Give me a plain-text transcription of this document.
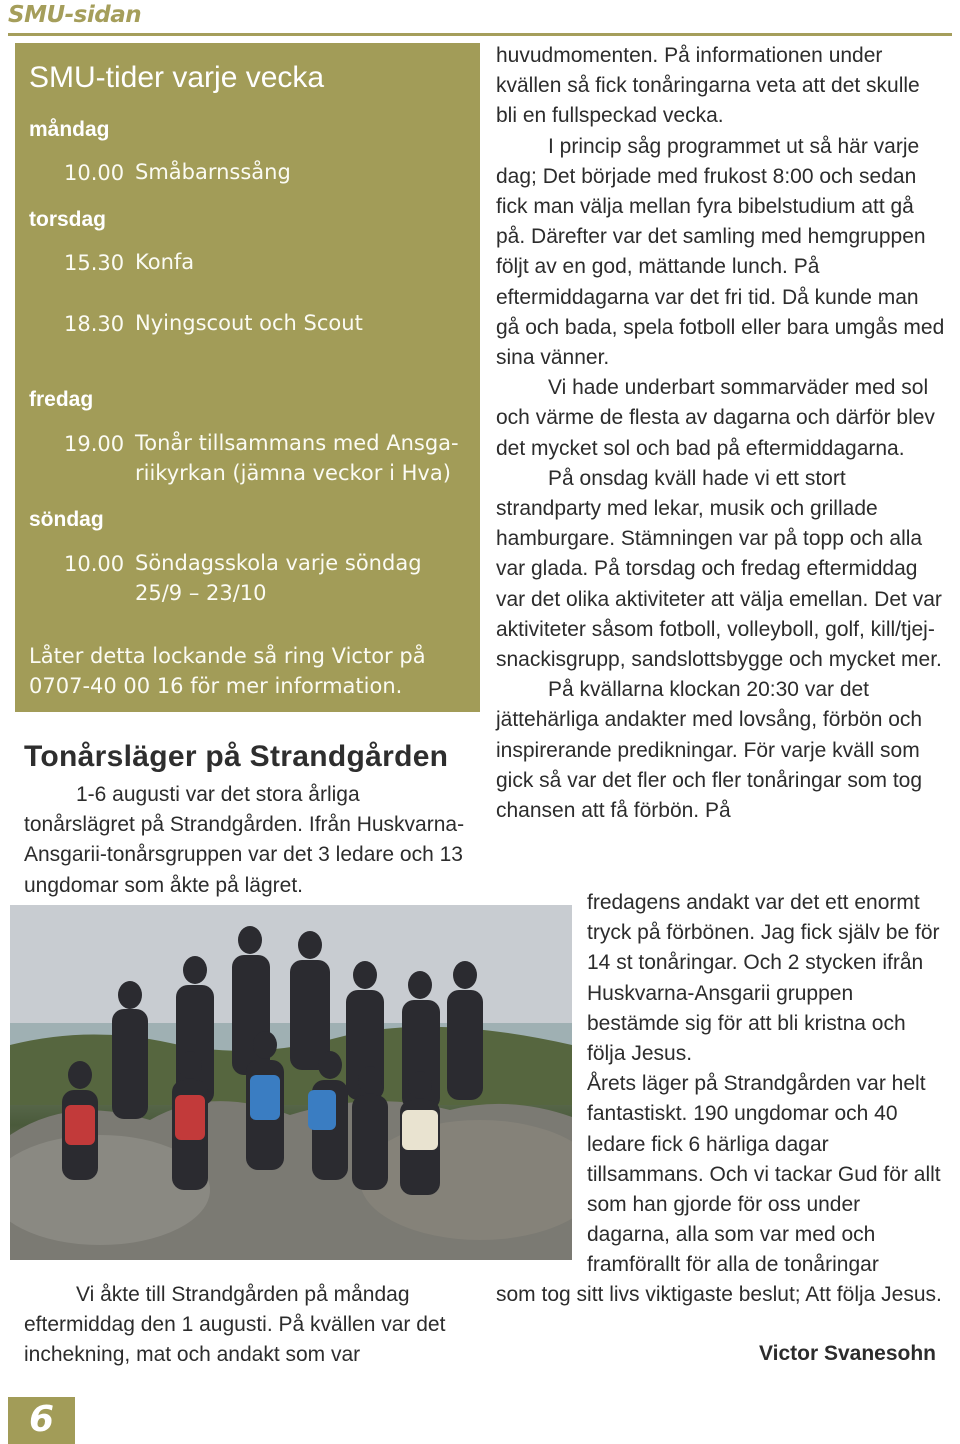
SMU-sidan
SMU-tider varje vecka
måndag
10.00 Småbarnssång
torsdag
15.30 Konfa
18.30 Nyingscout och Scout
fredag
19.00 Tonår tillsammans med Ansga-
riikyrkan (jämna veckor i Hva)
söndag
10.00 Söndagsskola varje söndag
25/9 – 23/10
Låter detta lockande så ring Victor på
0707-40 00 16 för mer information.
Tonårsläger på Strandgården
1-6 augusti var det stora årliga tonårslägret på Strandgården. Ifrån Huskvarna-Ansgarii-tonårsgruppen var det 3 ledare och 13 ungdomar som åkte på lägret.
Vi åkte till Strandgården på måndag eftermiddag den 1 augusti. På kvällen var det inchekning, mat och andakt som var
huvudmomenten. På informationen under kvällen så fick tonåringarna veta att det skulle bli en fullspeckad vecka.
I princip såg programmet ut så här varje dag; Det började med frukost 8:00 och sedan fick man välja mellan fyra bibelstudium att gå på. Därefter var det samling med hemgruppen följt av en god, mättande lunch. På eftermiddagarna var det fri tid. Då kunde man gå och bada, spela fotboll eller bara umgås med sina vänner.
Vi hade underbart sommarväder med sol och värme de flesta av dagarna och därför blev det mycket sol och bad på eftermiddagarna.
På onsdag kväll hade vi ett stort strandparty med lekar, musik och grillade hamburgare. Stämningen var på topp och alla var glada. På torsdag och fredag eftermiddag var det olika aktiviteter att välja emellan. Det var aktiviteter såsom fotboll, volleyboll, golf, kill/tjej-snackisgrupp, sandslottsbygge och mycket mer.
På kvällarna klockan 20:30 var det jättehärliga andakter med lovsång, förbön och inspirerande predikningar. För varje kväll som gick så var det fler och fler tonåringar som tog chansen att få förbön. På
fredagens andakt var det ett enormt tryck på förbönen. Jag fick själv be för 14 st tonåringar. Och 2 stycken ifrån Huskvarna-Ansgarii gruppen bestämde sig för att bli kristna och följa Jesus.
Årets läger på Strandgården var helt fantastiskt. 190 ungdomar och 40 ledare fick 6 härliga dagar tillsammans. Och vi tackar Gud för allt som han gjorde för oss under dagarna, alla som var med och framförallt för alla de tonåringar
som tog sitt livs viktigaste beslut; Att följa Jesus.
Victor Svanesohn
6
